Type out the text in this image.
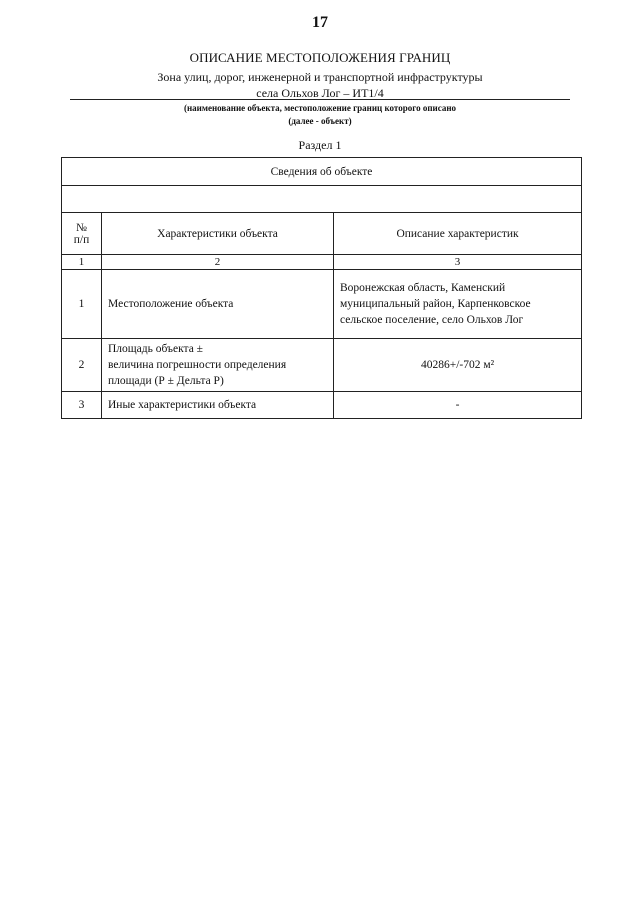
17
ОПИСАНИЕ МЕСТОПОЛОЖЕНИЯ ГРАНИЦ
Зона улиц, дорог, инженерной и транспортной инфраструктуры
села Ольхов Лог – ИТ1/4
(наименование объекта, местоположение границ которого описано
(далее - объект)
Раздел 1
Сведения об объекте		

№
п/п	Характеристики объекта	Описание характеристик
1	2	3
1	Местоположение объекта	Воронежская область, Каменский
муниципальный район, Карпенковское
сельское поселение, село Ольхов Лог

2	Площадь объекта ±
величина погрешности определения
площади (Р ± Дельта Р)	40286+/-702 м²

3	Иные характеристики объекта	-
